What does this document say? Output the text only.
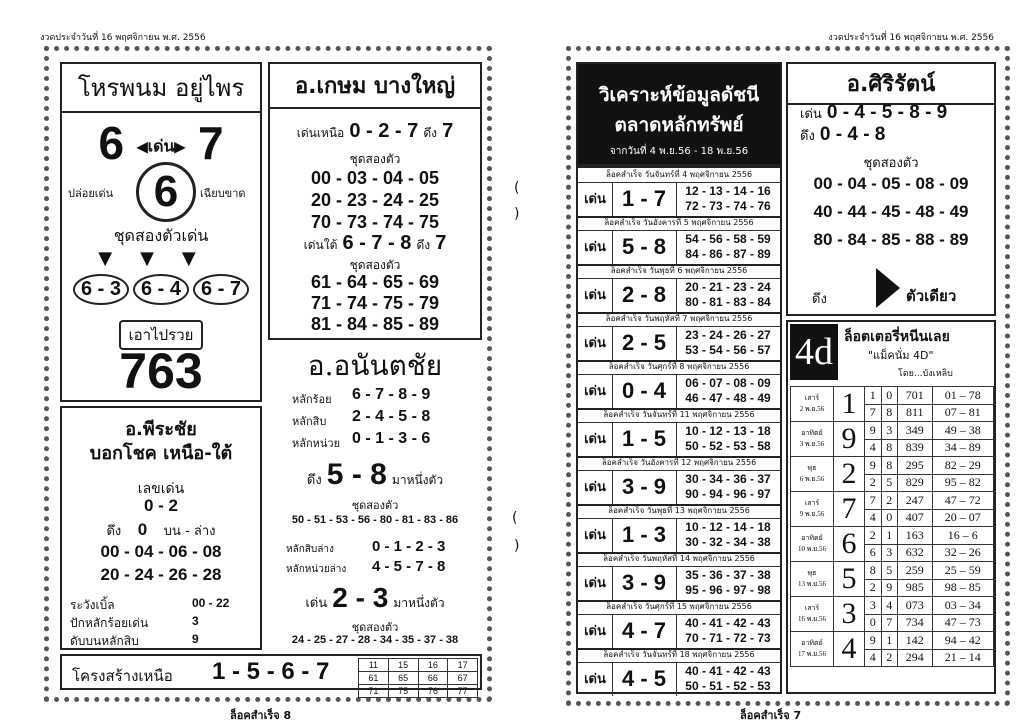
งวดประจำวันที่ 16 พฤศจิกายน พ.ศ. 2556
ล็อคสำเร็จ 8
โหรพนม อยู่ไพร
6 ◀เด่น▶ 7
ปล่อยเด่น 6	เฉียบขาด
ชุดสองตัวเด่น
▼▼▼
6 - 3 6 - 4 6 - 7
เอาไปรวย
763
อ.เกษม บางใหญ่
เด่นเหนือ 0 - 2 - 7 ดึง 7
ชุดสองตัว
00 - 03 - 04 - 05
20 - 23 - 24 - 25
70 - 73 - 74 - 75
เด่นใต้ 6 - 7 - 8 ดึง 7
ชุดสองตัว
61 - 64 - 65 - 69
71 - 74 - 75 - 79
81 - 84 - 85 - 89
อ.อนันตชัย
หลักร้อย 6 - 7 - 8 - 9
หลักสิบ 2 - 4 - 5 - 8
หลักหน่วย 0 - 1 - 3 - 6
ดึง 5 - 8 มาหนึ่งตัว
ชุดสองตัว
50 - 51 - 53 - 56 - 80 - 81 - 83 - 86
หลักสิบล่าง	0 - 1 - 2 - 3
หลักหน่วยล่าง 4 - 5 - 7 - 8
เด่น 2 - 3 มาหนึ่งตัว
ชุดสองตัว
24 - 25 - 27 - 28 - 34 - 35 - 37 - 38
อ.พีระชัย
บอกโชค เหนือ-ใต้
เลขเด่น
0 - 2
ดึง 0 บน - ล่าง
00 - 04 - 06 - 08
20 - 24 - 26 - 28
ระวังเบิ้ล	00 - 22
ปักหลักร้อยเด่น	3
ดับบนหลักสิบ	9
โครงสร้างเหนือ 1 - 5 - 6 - 7	11	15	16	17
61	65	66	67
71	75	76	77
(
)
(
)
งวดประจำวันที่ 16 พฤศจิกายน พ.ศ. 2556
ล็อคสำเร็จ 7
วิเคราะห์ข้อมูลดัชนี
ตลาดหลักทรัพย์
จากวันที่ 4 พ.ย.56 - 18 พ.ย.56
ล็อคสำเร็จ วันจันทร์ที่ 4 พฤศจิกายน 2556
เด่น 1 - 7	12 - 13 - 14 - 16
72 - 73 - 74 - 76
ล็อคสำเร็จ วันอังคารที่ 5 พฤศจิกายน 2556
เด่น 5 - 8	54 - 56 - 58 - 59
84 - 86 - 87 - 89
ล็อคสำเร็จ วันพุธที่ 6 พฤศจิกายน 2556
เด่น 2 - 8	20 - 21 - 23 - 24
80 - 81 - 83 - 84
ล็อคสำเร็จ วันพฤหัสที่ 7 พฤศจิกายน 2556
เด่น 2 - 5	23 - 24 - 26 - 27
53 - 54 - 56 - 57
ล็อคสำเร็จ วันศุกร์ที่ 8 พฤศจิกายน 2556
เด่น 0 - 4	06 - 07 - 08 - 09
46 - 47 - 48 - 49
ล็อคสำเร็จ วันจันทร์ที่ 11 พฤศจิกายน 2556
เด่น 1 - 5	10 - 12 - 13 - 18
50 - 52 - 53 - 58
ล็อคสำเร็จ วันอังคารที่ 12 พฤศจิกายน 2556
เด่น 3 - 9	30 - 34 - 36 - 37
90 - 94 - 96 - 97
ล็อคสำเร็จ วันพุธที่ 13 พฤศจิกายน 2556
เด่น 1 - 3	10 - 12 - 14 - 18
30 - 32 - 34 - 38
ล็อคสำเร็จ วันพฤหัสที่ 14 พฤศจิกายน 2556
เด่น 3 - 9	35 - 36 - 37 - 38
95 - 96 - 97 - 98
ล็อคสำเร็จ วันศุกร์ที่ 15 พฤศจิกายน 2556
เด่น 4 - 7	40 - 41 - 42 - 43
70 - 71 - 72 - 73
ล็อคสำเร็จ วันจันทร์ที่ 18 พฤศจิกายน 2556
เด่น 4 - 5	40 - 41 - 42 - 43
50 - 51 - 52 - 53
อ.ศิริรัตน์
เด่น 0 - 4 - 5 - 8 - 9
ดึง 0 - 4 - 8
ชุดสองตัว
00 - 04 - 05 - 08 - 09
40 - 44 - 45 - 48 - 49
80 - 84 - 85 - 88 - 89
ดึง	ตัวเดียว
4d ล็อตเตอรี่หนีนเลย
"แม็คนั่ม 4D"
โดย...บังเหลิบ
เสาร์
2 พ.ย.56	1	1	0	701	01 – 78
		7	8	811	07 – 81

อาทิตย์
3 พ.ย.56	9	9	3	349	49 – 38
		4	8	839	34 – 89

พุธ
6 พ.ย.56	2	9	8	295	82 – 29
		2	5	829	95 – 82

เสาร์
9 พ.ย.56	7	7	2	247	47 – 72
		4	0	407	20 – 07

อาทิตย์
10 พ.ย.56	6	2	1	163	16 – 6
		6	3	632	32 – 26

พุธ
13 พ.ย.56	5	8	5	259	25 – 59
		2	9	985	98 – 85

เสาร์
16 พ.ย.56	3	3	4	073	03 – 34
		0	7	734	47 – 73

อาทิตย์
17 พ.ย.56	4	9	1	142	94 – 42
		4	2	294	21 – 14
